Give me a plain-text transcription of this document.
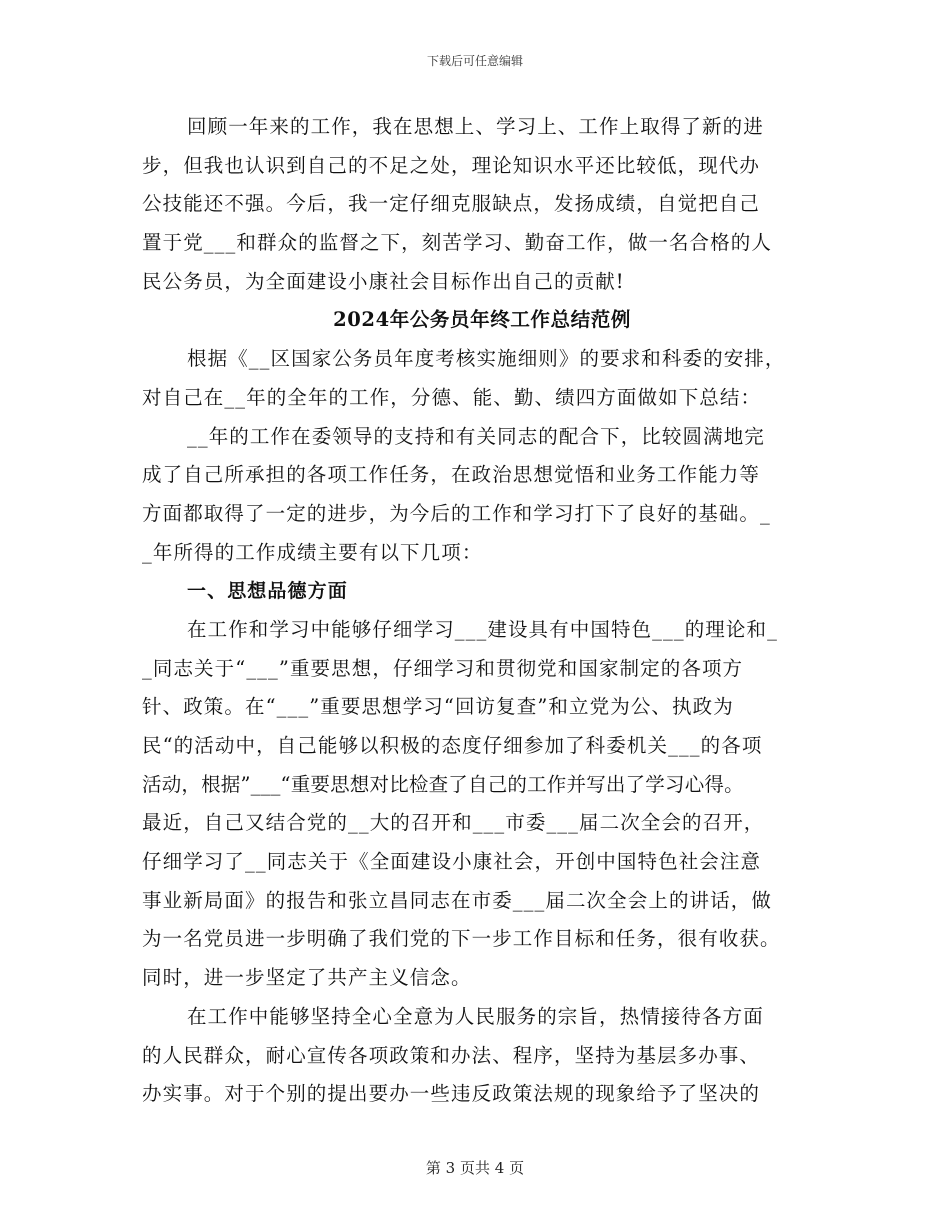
下载后可任意编辑
回顾一年来的工作，我在思想上、学习上、工作上取得了新的进
步，但我也认识到自己的不足之处，理论知识水平还比较低，现代办
公技能还不强。今后，我一定仔细克服缺点，发扬成绩，自觉把自己
置于党___和群众的监督之下，刻苦学习、勤奋工作，做一名合格的人
民公务员，为全面建设小康社会目标作出自己的贡献!
2024年公务员年终工作总结范例
根据《__区国家公务员年度考核实施细则》的要求和科委的安排，
对自己在__年的全年的工作，分德、能、勤、绩四方面做如下总结：
__年的工作在委领导的支持和有关同志的配合下，比较圆满地完
成了自己所承担的各项工作任务，在政治思想觉悟和业务工作能力等
方面都取得了一定的进步，为今后的工作和学习打下了良好的基础。_
_年所得的工作成绩主要有以下几项：
一、思想品德方面
在工作和学习中能够仔细学习___建设具有中国特色___的理论和_
_同志关于“___”重要思想，仔细学习和贯彻党和国家制定的各项方
针、政策。在“___”重要思想学习“回访复查”和立党为公、执政为
民“的活动中，自己能够以积极的态度仔细参加了科委机关___的各项
活动，根据”___“重要思想对比检查了自己的工作并写出了学习心得。
最近，自己又结合党的__大的召开和___市委___届二次全会的召开，
仔细学习了__同志关于《全面建设小康社会，开创中国特色社会注意
事业新局面》的报告和张立昌同志在市委___届二次全会上的讲话，做
为一名党员进一步明确了我们党的下一步工作目标和任务，很有收获。
同时，进一步坚定了共产主义信念。
在工作中能够坚持全心全意为人民服务的宗旨，热情接待各方面
的人民群众，耐心宣传各项政策和办法、程序，坚持为基层多办事、
办实事。对于个别的提出要办一些违反政策法规的现象给予了坚决的
第 3 页共 4 页
